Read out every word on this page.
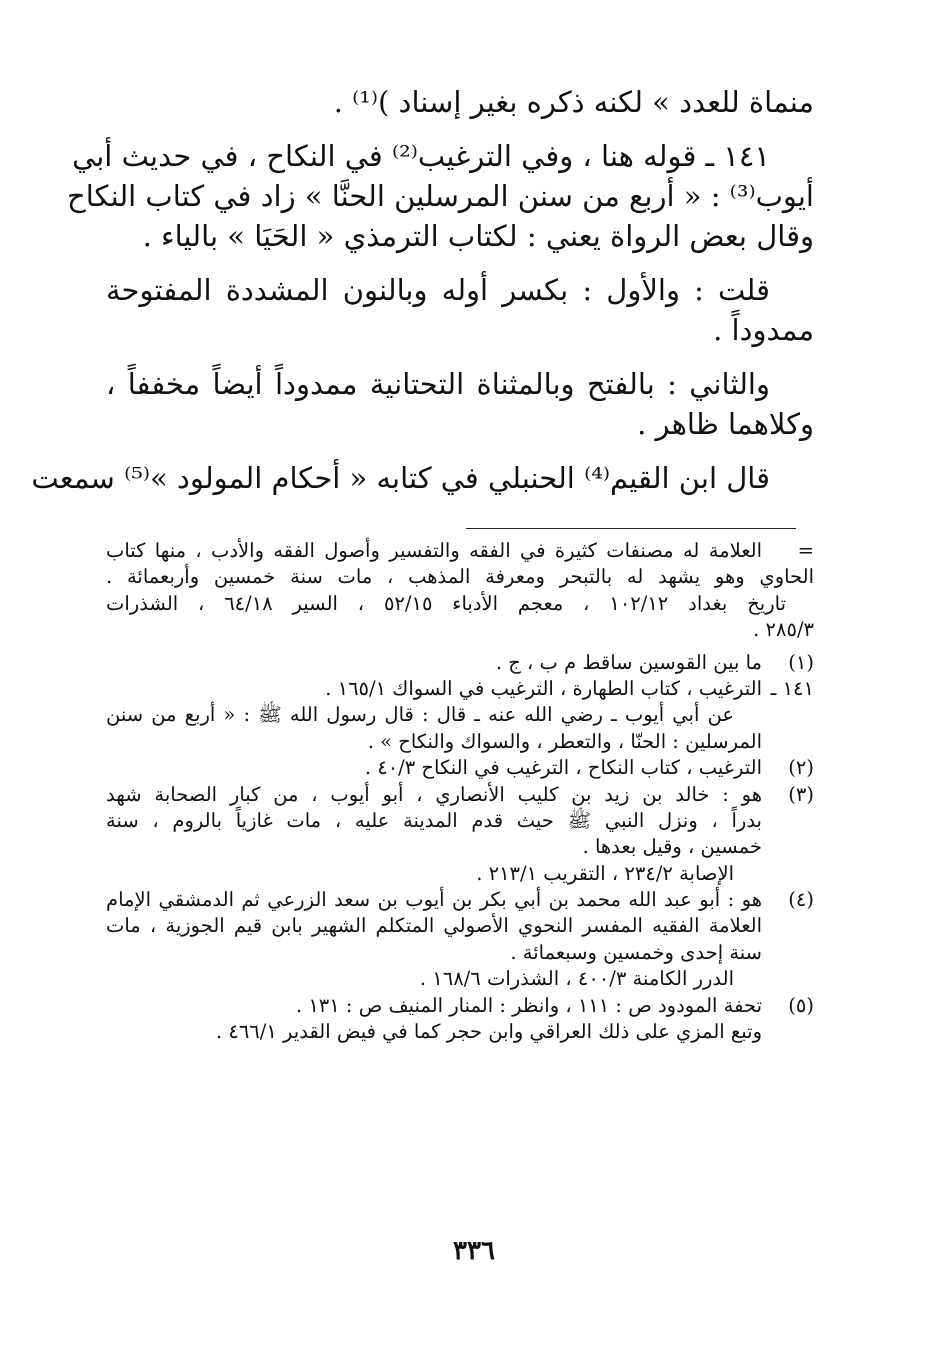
منماة للعدد » لكنه ذكره بغير إسناد )⁽¹⁾ .
١٤١ ـ قوله هنا ، وفي الترغيب⁽²⁾ في النكاح ، في حديث أبي
أيوب⁽³⁾ : « أربع من سنن المرسلين الحنَّا » زاد في كتاب النكاح
وقال بعض الرواة يعني : لكتاب الترمذي « الحَيَا » بالياء .
قلت : والأول : بكسر أوله وبالنون المشددة المفتوحة
ممدوداً .
والثاني : بالفتح وبالمثناة التحتانية ممدوداً أيضاً مخففاً ،
وكلاهما ظاهر .
قال ابن القيم⁽⁴⁾ الحنبلي في كتابه « أحكام المولود »⁽⁵⁾ سمعت
=
العلامة له مصنفات كثيرة في الفقه والتفسير وأصول الفقه والأدب ، منها كتاب
الحاوي وهو يشهد له بالتبحر ومعرفة المذهب ، مات سنة خمسين وأربعمائة .
تاريخ بغداد ١٠٢/١٢ ، معجم الأدباء ٥٢/١٥ ، السير ٦٤/١٨ ، الشذرات
٢٨٥/٣ .
(١)
ما بين القوسين ساقط م ب ، ج .
١٤١ ـ
الترغيب ، كتاب الطهارة ، الترغيب في السواك ١٦٥/١ .
عن أبي أيوب ـ رضي الله عنه ـ قال : قال رسول الله ﷺ : « أربع من سنن
المرسلين : الحنّا ، والتعطر ، والسواك والنكاح » .
(٢)
الترغيب ، كتاب النكاح ، الترغيب في النكاح ٤٠/٣ .
(٣)
هو : خالد بن زيد بن كليب الأنصاري ، أبو أيوب ، من كبار الصحابة شهد
بدراً ، ونزل النبي ﷺ حيث قدم المدينة عليه ، مات غازياً بالروم ، سنة
خمسين ، وقيل بعدها .
الإصابة ٢٣٤/٢ ، التقريب ٢١٣/١ .
(٤)
هو : أبو عبد الله محمد بن أبي بكر بن أيوب بن سعد الزرعي ثم الدمشقي الإمام
العلامة الفقيه المفسر النحوي الأصولي المتكلم الشهير بابن قيم الجوزية ، مات
سنة إحدى وخمسين وسبعمائة .
الدرر الكامنة ٤٠٠/٣ ، الشذرات ١٦٨/٦ .
(٥)
تحفة المودود ص : ١١١ ، وانظر : المنار المنيف ص : ١٣١ .
وتبع المزي على ذلك العراقي وابن حجر كما في فيض القدير ٤٦٦/١ .
٣٣٦
